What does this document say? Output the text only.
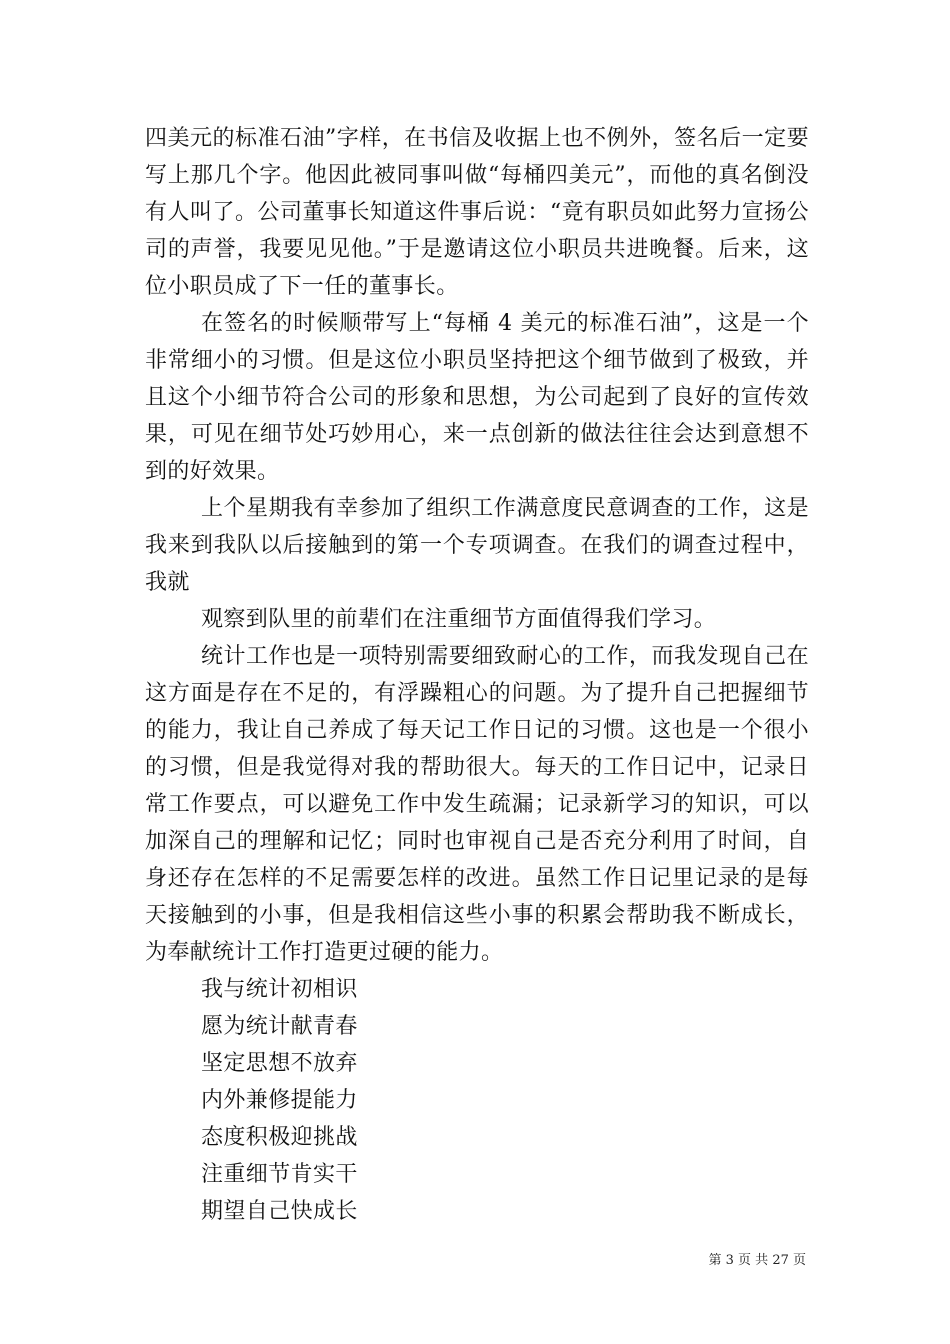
四美元的标准石油”字样，在书信及收据上也不例外，签名后一定要写上那几个字。他因此被同事叫做“每桶四美元”，而他的真名倒没有人叫了。公司董事长知道这件事后说：“竟有职员如此努力宣扬公司的声誉，我要见见他。”于是邀请这位小职员共进晚餐。后来，这位小职员成了下一任的董事长。

在签名的时候顺带写上“每桶 4 美元的标准石油”，这是一个非常细小的习惯。但是这位小职员坚持把这个细节做到了极致，并且这个小细节符合公司的形象和思想，为公司起到了良好的宣传效果，可见在细节处巧妙用心，来一点创新的做法往往会达到意想不到的好效果。

上个星期我有幸参加了组织工作满意度民意调查的工作，这是我来到我队以后接触到的第一个专项调查。在我们的调查过程中，我就

观察到队里的前辈们在注重细节方面值得我们学习。

统计工作也是一项特别需要细致耐心的工作，而我发现自己在这方面是存在不足的，有浮躁粗心的问题。为了提升自己把握细节的能力，我让自己养成了每天记工作日记的习惯。这也是一个很小的习惯，但是我觉得对我的帮助很大。每天的工作日记中，记录日常工作要点，可以避免工作中发生疏漏；记录新学习的知识，可以加深自己的理解和记忆；同时也审视自己是否充分利用了时间，自身还存在怎样的不足需要怎样的改进。虽然工作日记里记录的是每天接触到的小事，但是我相信这些小事的积累会帮助我不断成长，为奉献统计工作打造更过硬的能力。

我与统计初相识
愿为统计献青春
坚定思想不放弃
内外兼修提能力
态度积极迎挑战
注重细节肯实干
期望自己快成长
第 3 页 共 27 页
